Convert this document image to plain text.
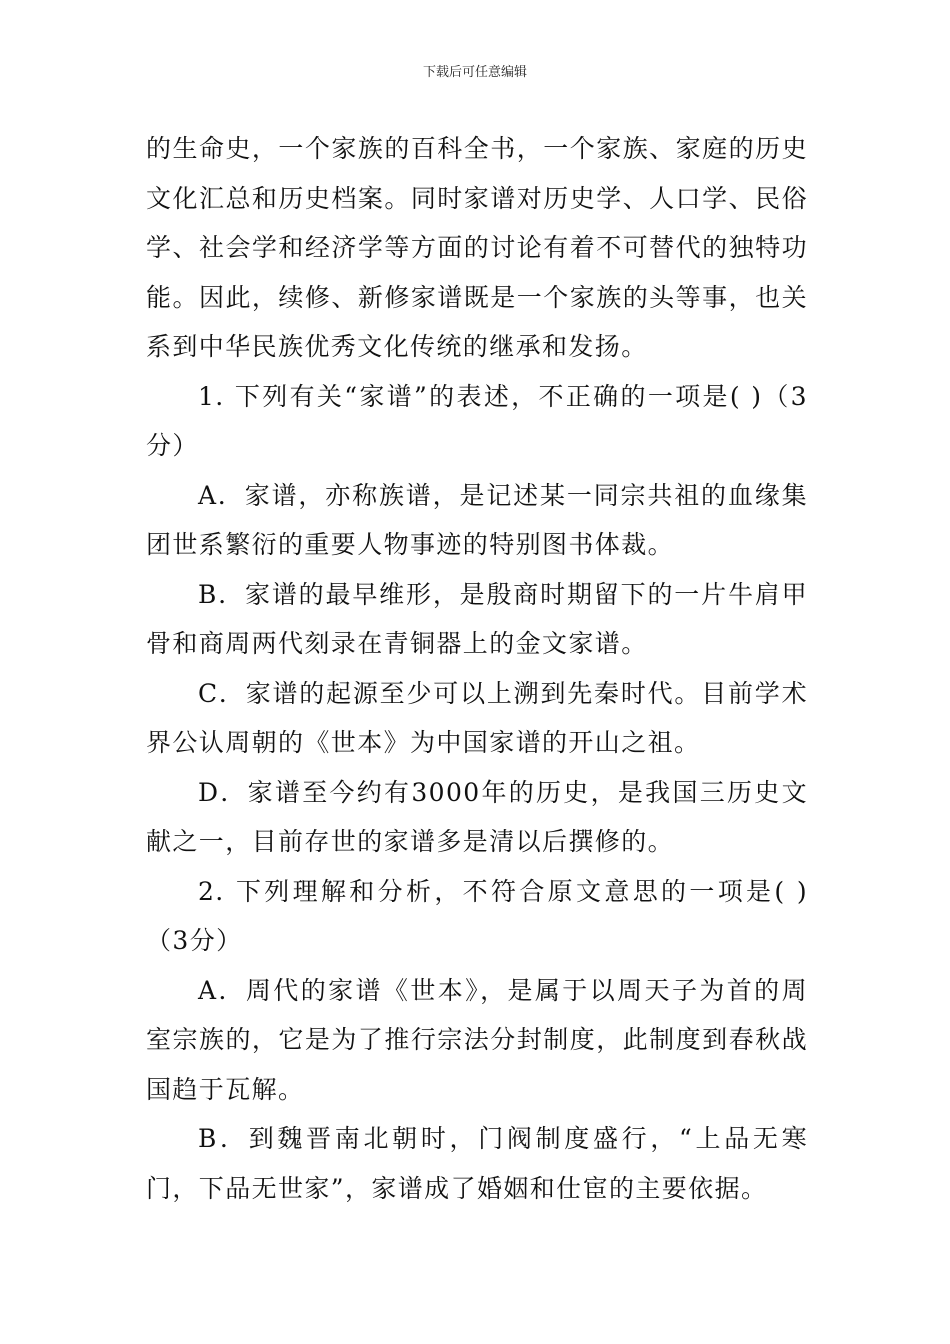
下载后可任意编辑

的生命史，一个家族的百科全书，一个家族、家庭的历史文化汇总和历史档案。同时家谱对历史学、人口学、民俗学、社会学和经济学等方面的讨论有着不可替代的独特功能。因此，续修、新修家谱既是一个家族的头等事，也关系到中华民族优秀文化传统的继承和发扬。

1. 下列有关“家谱”的表述，不正确的一项是( )（3分）

A．家谱，亦称族谱，是记述某一同宗共祖的血缘集团世系繁衍的重要人物事迹的特别图书体裁。

B．家谱的最早维形，是殷商时期留下的一片牛肩甲骨和商周两代刻录在青铜器上的金文家谱。

C．家谱的起源至少可以上溯到先秦时代。目前学术界公认周朝的《世本》为中国家谱的开山之祖。

D．家谱至今约有3000年的历史，是我国三历史文献之一，目前存世的家谱多是清以后撰修的。

2. 下列理解和分析，不符合原文意思的一项是( )（3分）

A．周代的家谱《世本》，是属于以周天子为首的周室宗族的，它是为了推行宗法分封制度，此制度到春秋战国趋于瓦解。

B．到魏晋南北朝时，门阀制度盛行，“上品无寒门，下品无世家”，家谱成了婚姻和仕宦的主要依据。
